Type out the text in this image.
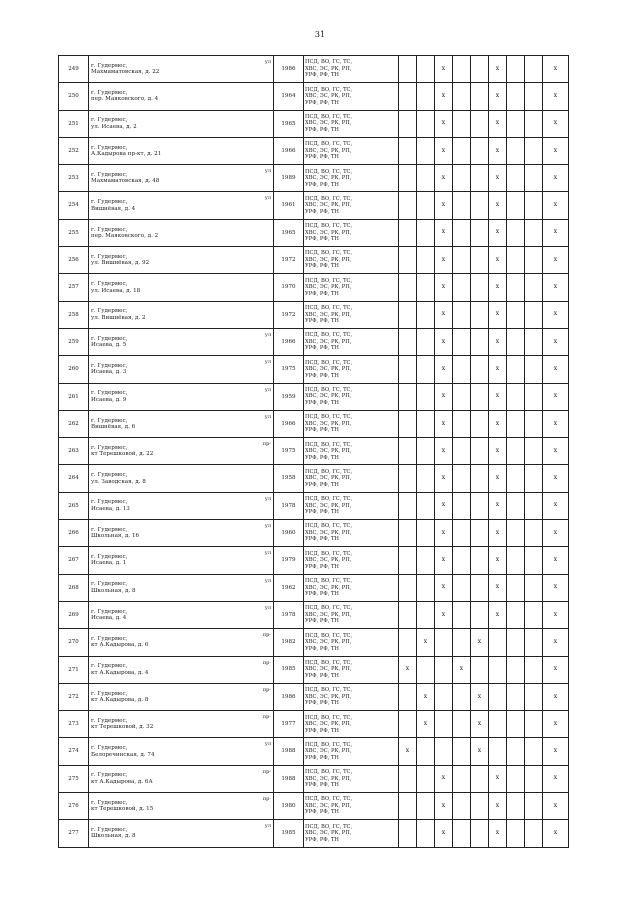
31
249	г. Гудермес,
Махмаматовская, д. 22
ул	1986	ПСД, ВО, ГС, ТС,
ХВС, ЭС, РК, РП,
УРФ, РФ, ТН			x			x			x
250	г. Гудермес,
пер. Маяковского, д. 4	1964	ПСД, ВО, ГС, ТС,
ХВС, ЭС, РК, РП,
УРФ, РФ, ТН			x			x			x
251	г. Гудермес,
ул. Исаева, д. 2	1965	ПСД, ВО, ГС, ТС,
ХВС, ЭС, РК, РП,
УРФ, РФ, ТН			x			x			x
252	г. Гудермес,
А.Кадырова пр-кт, д. 21	1966	ПСД, ВО, ГС, ТС,
ХВС, ЭС, РК, РП,
УРФ, РФ, ТН			x			x			x
253	г. Гудермес,
Махмаматовская, д. 48
ул	1989	ПСД, ВО, ГС, ТС,
ХВС, ЭС, РК, РП,
УРФ, РФ, ТН			x			x			x
254	г. Гудермес,
Вишнёвая, д. 4
ул	1961	ПСД, ВО, ГС, ТС,
ХВС, ЭС, РК, РП,
УРФ, РФ, ТН			x			x			x
255	г. Гудермес,
пер. Маяковского, д. 2	1965	ПСД, ВО, ГС, ТС,
ХВС, ЭС, РК, РП,
УРФ, РФ, ТН			x			x			x
256	г. Гудермес,
ул. Вишнёвая, д. 92	1972	ПСД, ВО, ГС, ТС,
ХВС, ЭС, РК, РП,
УРФ, РФ, ТН			x			x			x
257	г. Гудермес,
ул. Исаева, д. 18	1970	ПСД, ВО, ГС, ТС,
ХВС, ЭС, РК, РП,
УРФ, РФ, ТН			x			x			x
258	г. Гудермес,
ул. Вишнёвая, д. 2	1972	ПСД, ВО, ГС, ТС,
ХВС, ЭС, РК, РП,
УРФ, РФ, ТН			x			x			x
259	г. Гудермес,
Исаева, д. 5
ул	1966	ПСД, ВО, ГС, ТС,
ХВС, ЭС, РК, РП,
УРФ, РФ, ТН			x			x			x
260	г. Гудермес,
Исаева, д. 3
ул	1975	ПСД, ВО, ГС, ТС,
ХВС, ЭС, РК, РП,
УРФ, РФ, ТН			x			x			x
261	г. Гудермес,
Исаева, д. 9
ул	1959	ПСД, ВО, ГС, ТС,
ХВС, ЭС, РК, РП,
УРФ, РФ, ТН			x			x			x
262	г. Гудермес,
Вишнёвая, д. 6
ул	1966	ПСД, ВО, ГС, ТС,
ХВС, ЭС, РК, РП,
УРФ, РФ, ТН			x			x			x
263	г. Гудермес,
кт Терешковой, д. 22
пр-	1975	ПСД, ВО, ГС, ТС,
ХВС, ЭС, РК, РП,
УРФ, РФ, ТН			x			x			x
264	г. Гудермес,
ул. Заводская, д. 8	1958	ПСД, ВО, ГС, ТС,
ХВС, ЭС, РК, РП,
УРФ, РФ, ТН			x			x			x
265	г. Гудермес,
Исаева, д. 13
ул	1978	ПСД, ВО, ГС, ТС,
ХВС, ЭС, РК, РП,
УРФ, РФ, ТН			x			x			x
266	г. Гудермес,
Школьная, д. 16
ул	1960	ПСД, ВО, ГС, ТС,
ХВС, ЭС, РК, РП,
УРФ, РФ, ТН			x			x			x
267	г. Гудермес,
Исаева, д. 1
ул	1979	ПСД, ВО, ГС, ТС,
ХВС, ЭС, РК, РП,
УРФ, РФ, ТН			x			x			x
268	г. Гудермес,
Школьная, д. 8
ул	1962	ПСД, ВО, ГС, ТС,
ХВС, ЭС, РК, РП,
УРФ, РФ, ТН			x			x			x
269	г. Гудермес,
Исаева, д. 4
ул	1978	ПСД, ВО, ГС, ТС,
ХВС, ЭС, РК, РП,
УРФ, РФ, ТН			x			x			x
270	г. Гудермес,
кт А.Кадырова, д. 6
пр-	1982	ПСД, ВО, ГС, ТС,
ХВС, ЭС, РК, РП,
УРФ, РФ, ТН		x			x				x
271	г. Гудермес,
кт А.Кадырова, д. 4
пр-	1985	ПСД, ВО, ГС, ТС,
ХВС, ЭС, РК, РП,
УРФ, РФ, ТН	x			x					x
272	г. Гудермес,
кт А.Кадырова, д. 8
пр-	1986	ПСД, ВО, ГС, ТС,
ХВС, ЭС, РК, РП,
УРФ, РФ, ТН		x			x				x
273	г. Гудермес,
кт Терешковой, д. 32
пр-	1977	ПСД, ВО, ГС, ТС,
ХВС, ЭС, РК, РП,
УРФ, РФ, ТН		x			x				x
274	г. Гудермес,
Белоречинская, д. 74
ул	1988	ПСД, ВО, ГС, ТС,
ХВС, ЭС, РК, РП,
УРФ, РФ, ТН	x				x				x
275	г. Гудермес,
кт А.Кадырова, д. 6А
пр-	1988	ПСД, ВО, ГС, ТС,
ХВС, ЭС, РК, РП,
УРФ, РФ, ТН			x			x			x
276	г. Гудермес,
кт Терешковой, д. 15
пр-	1980	ПСД, ВО, ГС, ТС,
ХВС, ЭС, РК, РП,
УРФ, РФ, ТН			x			x			x
277	г. Гудермес,
Школьная, д. 8
ул	1985	ПСД, ВО, ГС, ТС,
ХВС, ЭС, РК, РП,
УРФ, РФ, ТН			x			x			x
